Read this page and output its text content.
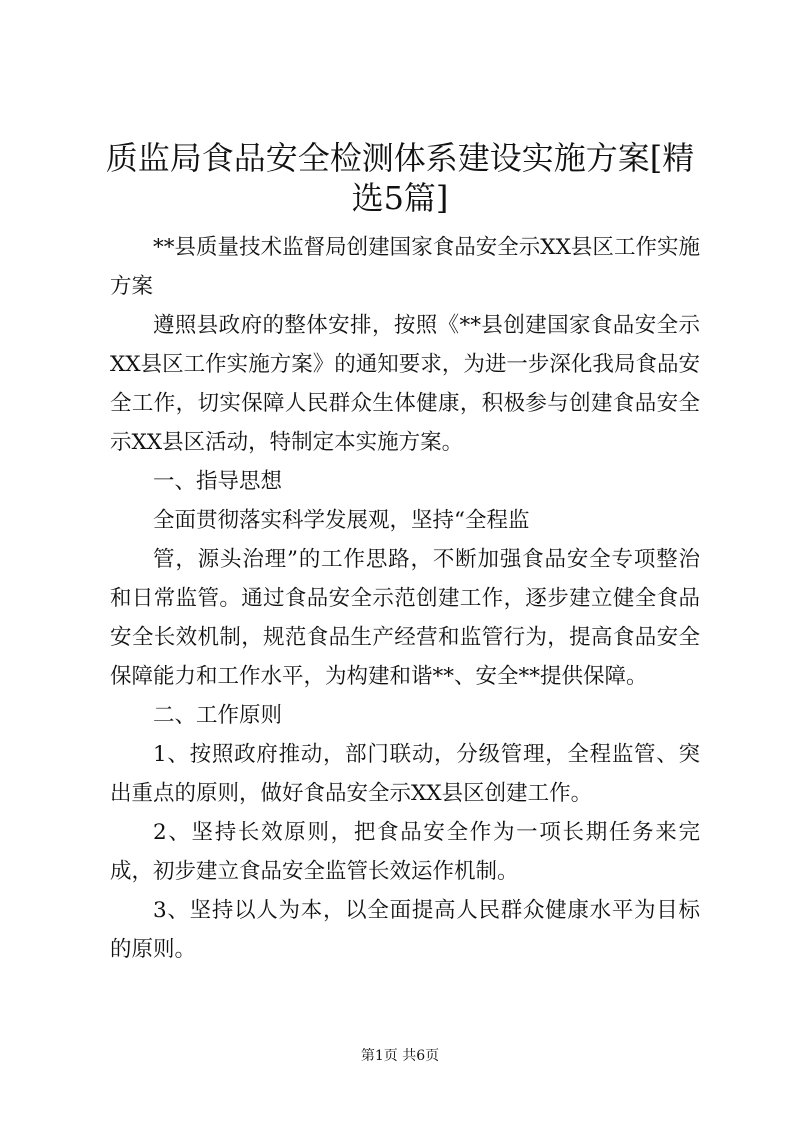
质监局食品安全检测体系建设实施方案[精选5篇]

**县质量技术监督局创建国家食品安全示XX县区工作实施方案

遵照县政府的整体安排，按照《**县创建国家食品安全示XX县区工作实施方案》的通知要求，为进一步深化我局食品安全工作，切实保障人民群众生体健康，积极参与创建食品安全示XX县区活动，特制定本实施方案。

一、指导思想

全面贯彻落实科学发展观，坚持“全程监

管，源头治理”的工作思路，不断加强食品安全专项整治和日常监管。通过食品安全示范创建工作，逐步建立健全食品安全长效机制，规范食品生产经营和监管行为，提高食品安全保障能力和工作水平，为构建和谐**、安全**提供保障。

二、工作原则

1、按照政府推动，部门联动，分级管理，全程监管、突出重点的原则，做好食品安全示XX县区创建工作。

2、坚持长效原则，把食品安全作为一项长期任务来完成，初步建立食品安全监管长效运作机制。

3、坚持以人为本，以全面提高人民群众健康水平为目标的原则。

第1页 共6页
